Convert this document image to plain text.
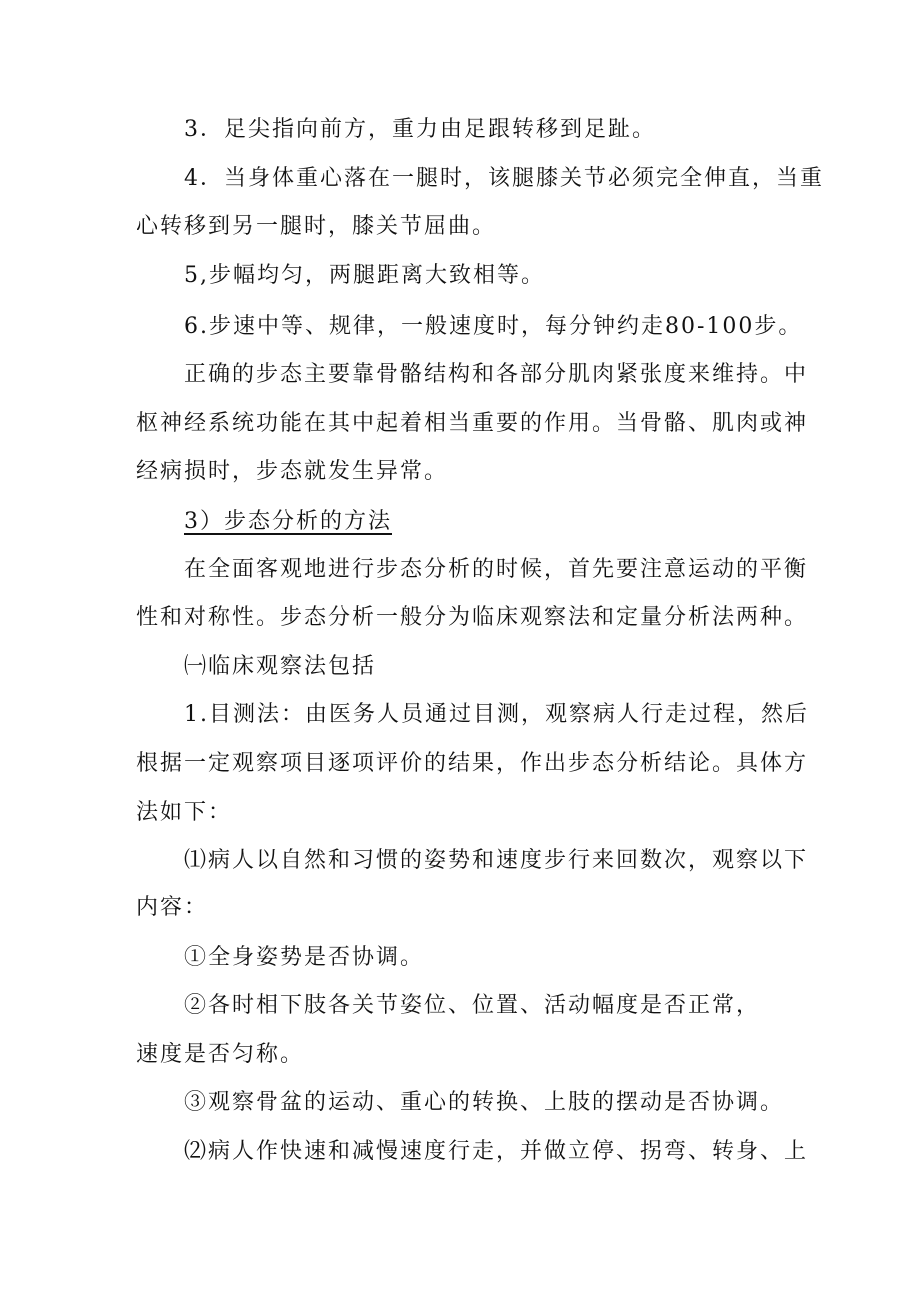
3．足尖指向前方，重力由足跟转移到足趾。
4．当身体重心落在一腿时，该腿膝关节必须完全伸直，当重
心转移到另一腿时，膝关节屈曲。
5,步幅均匀，两腿距离大致相等。
6.步速中等、规律，一般速度时，每分钟约走80-100步。
正确的步态主要靠骨骼结构和各部分肌肉紧张度来维持。中
枢神经系统功能在其中起着相当重要的作用。当骨骼、肌肉或神
经病损时，步态就发生异常。
3）步态分析的方法
在全面客观地进行步态分析的时候，首先要注意运动的平衡
性和对称性。步态分析一般分为临床观察法和定量分析法两种。
㈠临床观察法包括
1.目测法：由医务人员通过目测，观察病人行走过程，然后
根据一定观察项目逐项评价的结果，作出步态分析结论。具体方
法如下：
⑴病人以自然和习惯的姿势和速度步行来回数次，观察以下
内容：
①全身姿势是否协调。
②各时相下肢各关节姿位、位置、活动幅度是否正常，
速度是否匀称。
③观察骨盆的运动、重心的转换、上肢的摆动是否协调。
⑵病人作快速和减慢速度行走，并做立停、拐弯、转身、上
